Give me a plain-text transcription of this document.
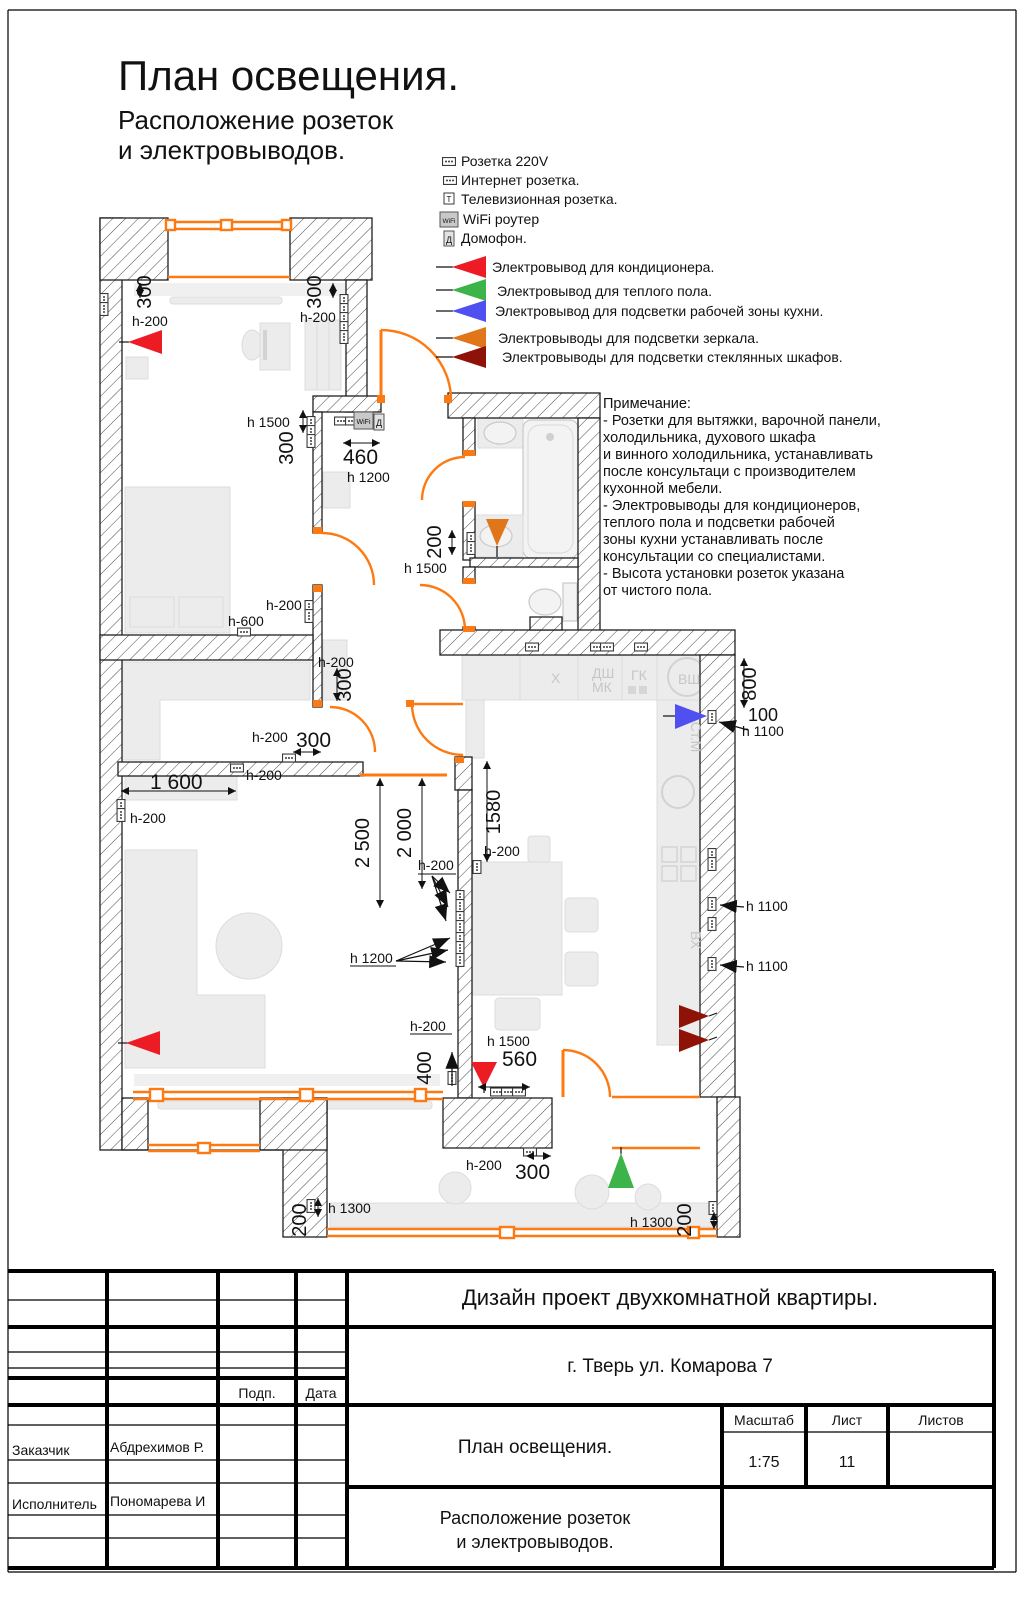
План освещения.
Расположение розеток
и электровыводов.
WiFi Д
300
h-200
300
h-200
h 1500
300 460
h 1200
200
h 1500
h-200
h-600
h-200
300
h-200 300
1 600	h-200
h-200	2 500 2 000	1580
h-200
h-200
h 1200
Х ДШ
МК
ГК ВШ
Ст.М
ВХ
800
100
h 1100
h 1100
h 1100
h-200
400
h 1500
560
h-200 300
h 1300
h 1300
200	200
Розетка 220V
Интернет розетка.
Т Телевизионная розетка.
WiFi WiFi роутер
Д Домофон.
Электровывод для кондиционера.
Электровывод для теплого пола.
Электровывод для подсветки рабочей зоны кухни.
Электровыводы для подсветки зеркала.
Электровыводы для подсветки стеклянных шкафов.
Примечание:
- Розетки для вытяжки, варочной панели,
холодильника, духового шкафа
и винного холодильника, устанавливать
после консультаци с производителем
кухонной мебели.
- Электровыводы для кондиционеров,
теплого пола и подсветки рабочей
зоны кухни устанавливать после
консультации со специалистами.
- Высота установки розеток указана
от чистого пола.
Дизайн проект двухкомнатной квартиры.
г. Тверь ул. Комарова 7
План освещения.
Масштаб	Лист	Листов
1:75	11
Расположение розеток
и электровыводов.
Подп. Дата
Заказчик	Абдрехимов Р.
Исполнитель Пономарева И
